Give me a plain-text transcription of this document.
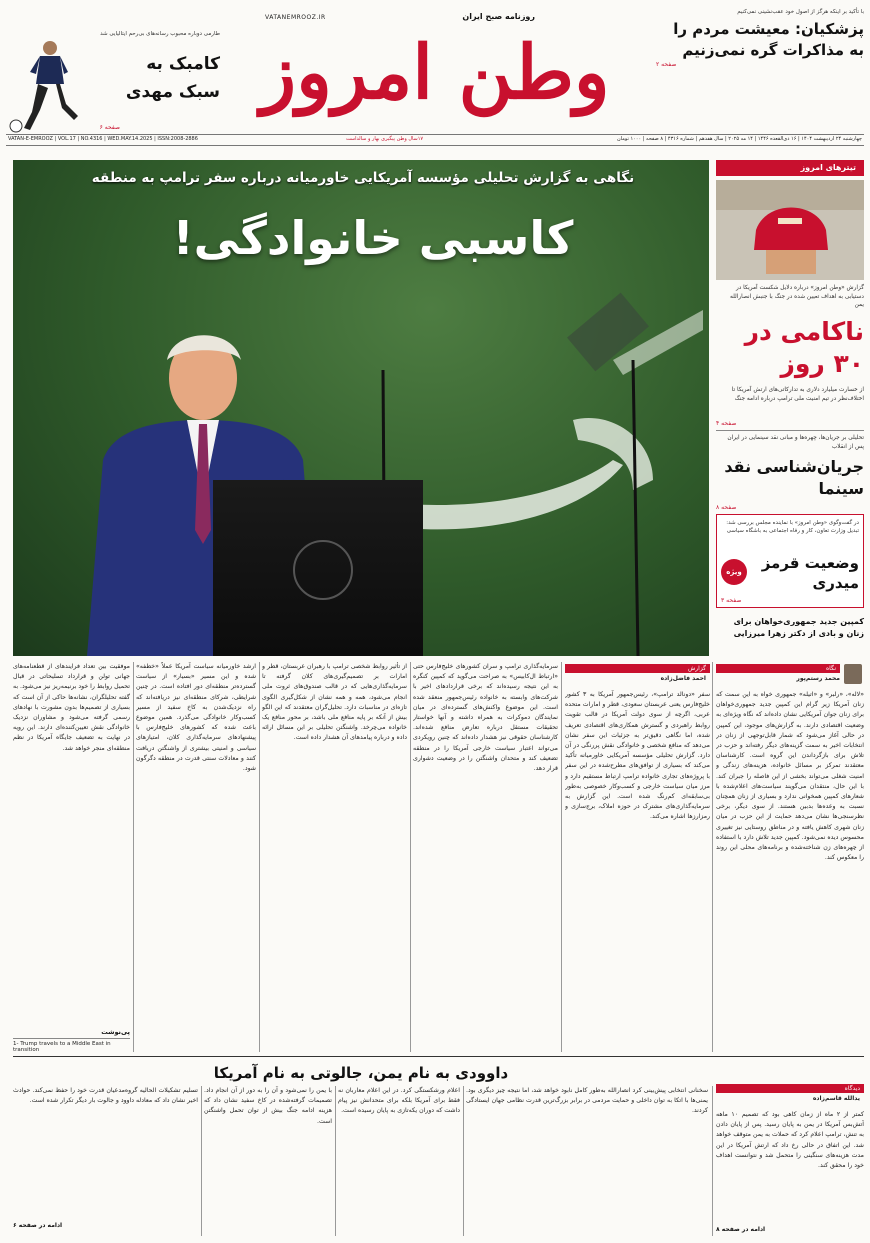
با تأکید بر اینکه هرگز از اصول خود عقب‌نشینی نمی‌کنیم
پزشکیان: معیشت مردم را به مذاکرات گره نمی‌زنیم
صفحه ۲
روزنامه صبح ایران
VATANEMROOZ.IR
وطن امروز
طارمی دوباره محبوب رسانه‌های بی‌رحم ایتالیایی شد
کامبک به سبک مهدی
صفحه ۶
چهارشنبه ۲۴ اردیبهشت ۱۴۰۴ | ۱۶ ذی‌القعده ۱۴۴۶ | ۱۴ مه ۲۰۲۵ | سال هفدهم | شماره ۴۳۱۶ | ۸ صفحه | ۱۰۰۰ تومان
۱۷سال وطن پیگیری بهار و سالداست
VATAN-E-EMROOZ | VOL.17 | NO.4316 | WED.MAY.14.2025 | ISSN:2008-2886
نگاهی به گزارش تحلیلی مؤسسه آمریکایی خاورمیانه درباره سفر ترامپ به منطقه
کاسبی خانوادگی!
تیترهای امروز
گزارش «وطن امروز» درباره دلایل شکست آمریکا در دستیابی به اهداف تعیین شده در جنگ با جنبش انصارالله یمن
ناکامی در ۳۰ روز
از خسارت میلیارد دلاری به تدارکاتی‌های ارتش آمریکا تا اختلاف‌نظر در تیم امنیت ملی ترامپ درباره ادامه جنگ
صفحه ۴
تحلیلی بر جریان‌ها، چهره‌ها و مبانی نقد سینمایی در ایران پس از انقلاب
جریان‌شناسی نقد سینما
صفحه ۸
در گفت‌وگوی «وطن امروز» با نماینده مجلس بررسی شد: تبدیل وزارت تعاون، کار و رفاه اجتماعی به باشگاه سیاسی
وضعیت قرمز میدری
ویژه
صفحه ۳
کمپین جدید جمهوری‌خواهان برای زنان و بادی از دکتر زهرا میرزایی
نگاه
محمد رستم‌پور
«لاله»، «رلبر» و «اتیله» جمهوری خواه به این سمت که زنان آمریکا زیر گرام این کمپین جدید جمهوری‌خواهان برای زنان جوان آمریکایی نشان داده‌اند که نگاه ویژه‌ای به وضعیت اقتصادی دارند. به گزارش‌های موجود، این کمپین در حالی آغاز می‌شود که شمار قابل‌توجهی از زنان در انتخابات اخیر به سمت گزینه‌های دیگر رفته‌اند و حزب در تلاش برای بازگرداندن این گروه است. کارشناسان معتقدند تمرکز بر مسائل خانواده، هزینه‌های زندگی و امنیت شغلی می‌تواند بخشی از این فاصله را جبران کند. با این حال، منتقدان می‌گویند سیاست‌های اعلام‌شده با شعارهای کمپین همخوانی ندارد و بسیاری از زنان همچنان نسبت به وعده‌ها بدبین هستند. از سوی دیگر، برخی نظرسنجی‌ها نشان می‌دهد حمایت از این حزب در میان زنان شهری کاهش یافته و در مناطق روستایی نیز تغییری محسوس دیده نمی‌شود. کمپین جدید تلاش دارد با استفاده از چهره‌های زن شناخته‌شده و برنامه‌های محلی این روند را معکوس کند.
گزارش
احمد فاضل‌زاده
سفر «دونالد ترامپ»، رئیس‌جمهور آمریکا به ۳ کشور خلیج‌فارس یعنی عربستان سعودی، قطر و امارات متحده عربی، اگرچه از سوی دولت آمریکا در قالب تقویت روابط راهبردی و گسترش همکاری‌های اقتصادی تعریف شده، اما نگاهی دقیق‌تر به جزئیات این سفر نشان می‌دهد که منافع شخصی و خانوادگی نقش پررنگی در آن دارد. گزارش تحلیلی مؤسسه آمریکایی خاورمیانه تأکید می‌کند که بسیاری از توافق‌های مطرح‌شده در این سفر با پروژه‌های تجاری خانواده ترامپ ارتباط مستقیم دارد و مرز میان سیاست خارجی و کسب‌وکار خصوصی به‌طور بی‌سابقه‌ای کم‌رنگ شده است. این گزارش به سرمایه‌گذاری‌های مشترک در حوزه املاک، برج‌سازی و رمزارزها اشاره می‌کند.
سرمایه‌گذاری ترامپ و سران کشورهای خلیج‌فارس حتی «ارتباط ال‌کابیس» به صراحت می‌گوید که کمپین کنگره به این نتیجه رسیده‌اند که برخی قراردادهای اخیر با شرکت‌های وابسته به خانواده رئیس‌جمهور منعقد شده است. این موضوع واکنش‌های گسترده‌ای در میان نمایندگان دموکرات به همراه داشته و آنها خواستار تحقیقات مستقل درباره تعارض منافع شده‌اند. کارشناسان حقوقی نیز هشدار داده‌اند که چنین رویکردی می‌تواند اعتبار سیاست خارجی آمریکا را در منطقه تضعیف کند و متحدان واشنگتن را در وضعیت دشواری قرار دهد.
از تأثیر روابط شخصی ترامپ با رهبران عربستان، قطر و امارات بر تصمیم‌گیری‌های کلان گرفته تا سرمایه‌گذاری‌هایی که در قالب صندوق‌های ثروت ملی انجام می‌شود، همه و همه نشان از شکل‌گیری الگوی تازه‌ای در مناسبات دارد. تحلیل‌گران معتقدند که این الگو بیش از آنکه بر پایه منافع ملی باشد، بر محور منافع یک خانواده می‌چرخد. واشنگتن تحلیلی بر این مسائل ارائه داده و درباره پیامدهای آن هشدار داده است.
ارشد خاورمیانه سیاست آمریکا عملاً «خطفه» شده و این مسیر «بسیار» از سیاست گسترده‌تر منطقه‌ای دور افتاده است. در چنین شرایطی، شرکای منطقه‌ای نیز دریافته‌اند که راه نزدیک‌شدن به کاخ سفید از مسیر کسب‌وکار خانوادگی می‌گذرد. همین موضوع باعث شده که کشورهای خلیج‌فارس با پیشنهادهای سرمایه‌گذاری کلان، امتیازهای سیاسی و امنیتی بیشتری از واشنگتن دریافت کنند و معادلات سنتی قدرت در منطقه دگرگون شود.
موفقیت بین تعداد فرایندهای از قطعنامه‌های جهانی تولن و قرارداد تسلیحاتی در قبال تحمیل روابط را خود برنیمه‌ریز نیز می‌شود. به گفته تحلیلگران، نشانه‌ها حاکی از آن است که بسیاری از تصمیم‌ها بدون مشورت با نهادهای رسمی گرفته می‌شود و مشاوران نزدیک خانوادگی نقش تعیین‌کننده‌ای دارند. این رویه در نهایت به تضعیف جایگاه آمریکا در نظم منطقه‌ای منجر خواهد شد.
پی‌نوشت
1- Trump travels to a Middle East in transition
داوودی به نام یمن، جالوتی به نام آمریکا
دیدگاه
یدالله قاسم‌زاده
کمتر از ۲ ماه از زمان کاهی بود که تصمیم ۱۰ ماهه آتش‌بس آمریکا در یمن به پایان رسید. پس از پایان دادن به تنش، ترامپ اعلام کرد که حملات به یمن متوقف خواهد شد. این اتفاق در حالی رخ داد که ارتش آمریکا در این مدت هزینه‌های سنگینی را متحمل شد و نتوانست اهداف خود را محقق کند.
ادامه در صفحه ۸
سخنانی انتخابی پیش‌بینی کرد انصارالله به‌طور کامل نابود خواهد شد، اما نتیجه چیز دیگری بود. یمنی‌ها با اتکا به توان داخلی و حمایت مردمی در برابر بزرگ‌ترین قدرت نظامی جهان ایستادگی کردند.
اعلام ورشکستگی کرد. در این اعلام معاربان نه فقط برای آمریکا بلکه برای متحدانش نیز پیام داشت که دوران یکه‌تازی به پایان رسیده است.
با یمن را نمی‌شود و آن را به دور از آن انجام داد. تصمیمات گرفته‌شده در کاخ سفید نشان داد که هزینه ادامه جنگ بیش از توان تحمل واشنگتن است.
تسلیم تشکیلات الحالیه گروه‌مدعیان قدرت خود را حفظ نمی‌کند. حوادث اخیر نشان داد که معادله داوود و جالوت بار دیگر تکرار شده است.
ادامه در صفحه ۶
